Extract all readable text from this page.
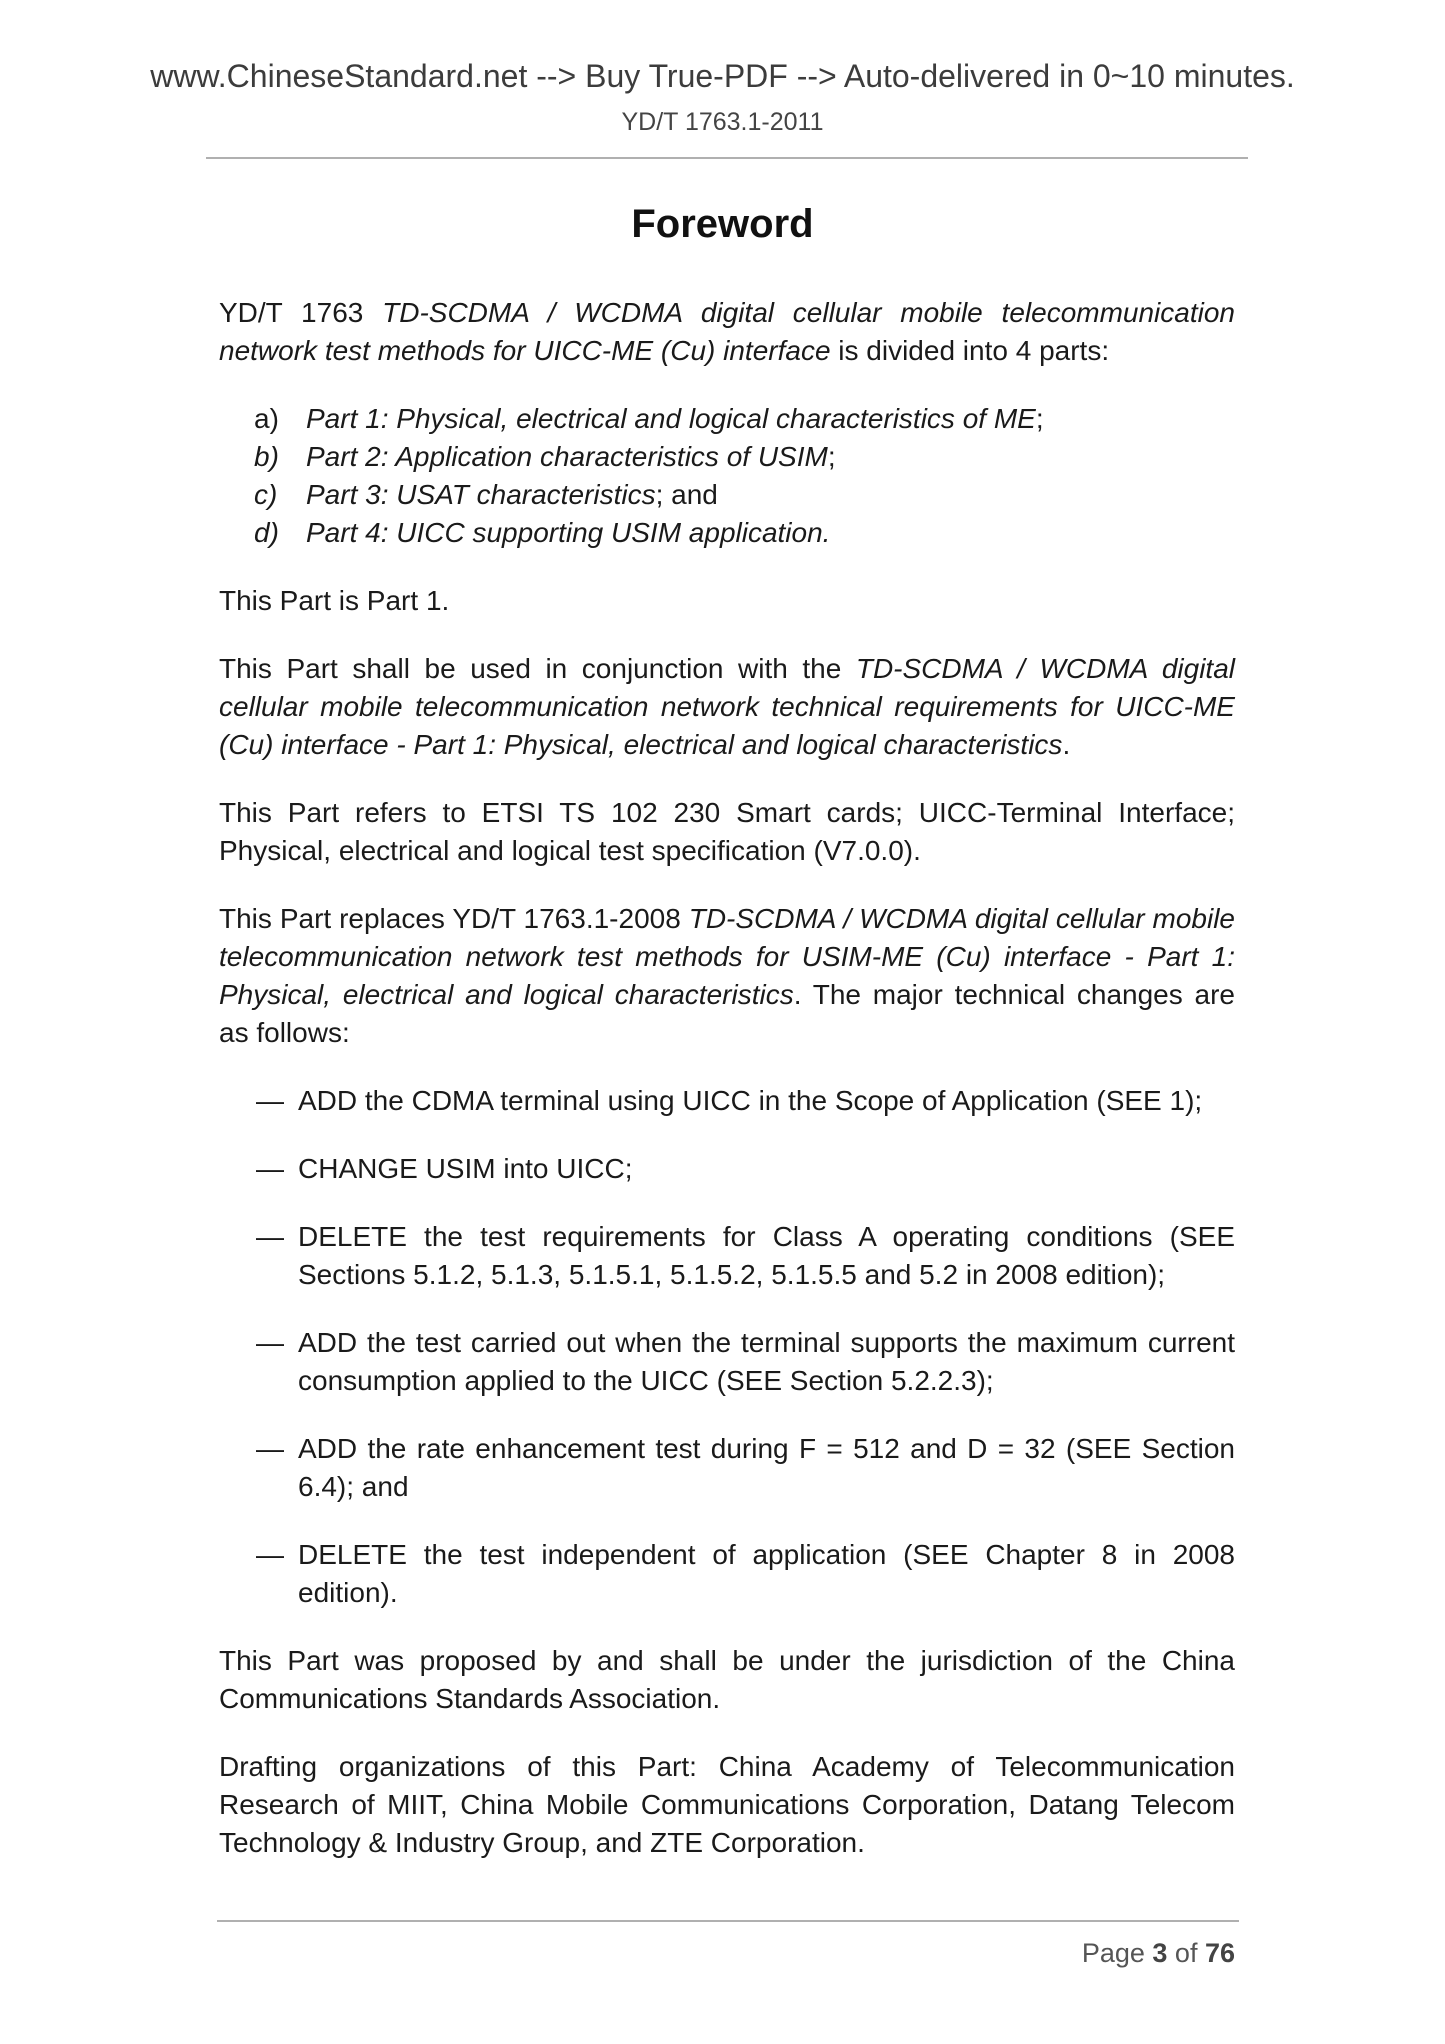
www.ChineseStandard.net --> Buy True-PDF --> Auto-delivered in 0~10 minutes.
YD/T 1763.1-2011
Foreword

YD/T 1763 TD-SCDMA / WCDMA digital cellular mobile telecommunication network test methods for UICC-ME (Cu) interface is divided into 4 parts:

a) Part 1: Physical, electrical and logical characteristics of ME;
b) Part 2: Application characteristics of USIM;
c) Part 3: USAT characteristics; and
d) Part 4: UICC supporting USIM application.

This Part is Part 1.

This Part shall be used in conjunction with the TD-SCDMA / WCDMA digital cellular mobile telecommunication network technical requirements for UICC-ME (Cu) interface - Part 1: Physical, electrical and logical characteristics.

This Part refers to ETSI TS 102 230 Smart cards; UICC-Terminal Interface; Physical, electrical and logical test specification (V7.0.0).

This Part replaces YD/T 1763.1-2008 TD-SCDMA / WCDMA digital cellular mobile telecommunication network test methods for USIM-ME (Cu) interface - Part 1: Physical, electrical and logical characteristics. The major technical changes are as follows:

— ADD the CDMA terminal using UICC in the Scope of Application (SEE 1);
— CHANGE USIM into UICC;
— DELETE the test requirements for Class A operating conditions (SEE Sections 5.1.2, 5.1.3, 5.1.5.1, 5.1.5.2, 5.1.5.5 and 5.2 in 2008 edition);
— ADD the test carried out when the terminal supports the maximum current consumption applied to the UICC (SEE Section 5.2.2.3);
— ADD the rate enhancement test during F = 512 and D = 32 (SEE Section 6.4); and
— DELETE the test independent of application (SEE Chapter 8 in 2008 edition).

This Part was proposed by and shall be under the jurisdiction of the China Communications Standards Association.

Drafting organizations of this Part: China Academy of Telecommunication Research of MIIT, China Mobile Communications Corporation, Datang Telecom Technology & Industry Group, and ZTE Corporation.

Page 3 of 76
